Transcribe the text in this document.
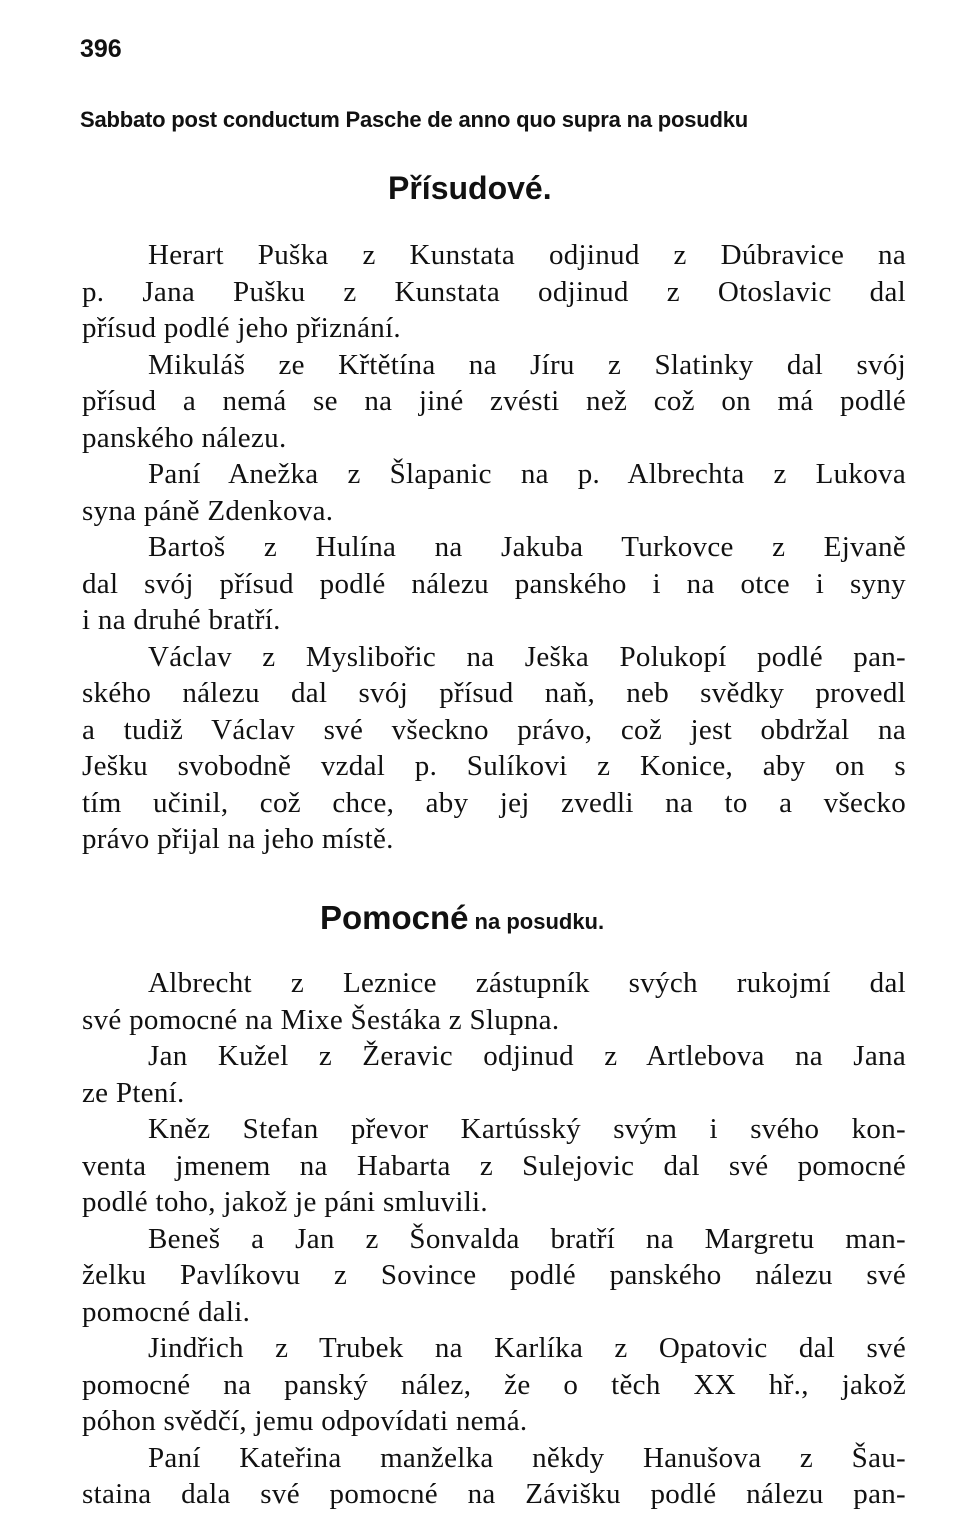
396
Sabbato post conductum Pasche de anno quo supra na posudku
Přísudové.
Herart Puška z Kunstata odjinud z Dúbravice na
p. Jana Pušku z Kunstata odjinud z Otoslavic dal
přísud podlé jeho přiznání.
Mikuláš ze Křtětína na Jíru z Slatinky dal svój
přísud a nemá se na jiné zvésti než což on má podlé
panského nálezu.
Paní Anežka z Šlapanic na p. Albrechta z Lukova
syna páně Zdenkova.
Bartoš z Hulína na Jakuba Turkovce z Ejvaně
dal svój přísud podlé nálezu panského i na otce i syny
i na druhé bratří.
Václav z Myslibořic na Ješka Polukopí podlé pan-
ského nálezu dal svój přísud naň, neb svědky provedl
a tudiž Václav své všeckno právo, což jest obdržal na
Ješku svobodně vzdal p. Sulíkovi z Konice, aby on s
tím učinil, což chce, aby jej zvedli na to a všecko
právo přijal na jeho místě.
Pomocné na posudku.
Albrecht z Leznice zástupník svých rukojmí dal
své pomocné na Mixe Šestáka z Slupna.
Jan Kužel z Žeravic odjinud z Artlebova na Jana
ze Ptení.
Kněz Stefan převor Kartússký svým i svého kon-
venta jmenem na Habarta z Sulejovic dal své pomocné
podlé toho, jakož je páni smluvili.
Beneš a Jan z Šonvalda bratří na Margretu man-
želku Pavlíkovu z Sovince podlé panského nálezu své
pomocné dali.
Jindřich z Trubek na Karlíka z Opatovic dal své
pomocné na panský nález, že o těch XX hř., jakož
póhon svědčí, jemu odpovídati nemá.
Paní Kateřina manželka někdy Hanušova z Šau-
staina dala své pomocné na Závišku podlé nálezu pan-
